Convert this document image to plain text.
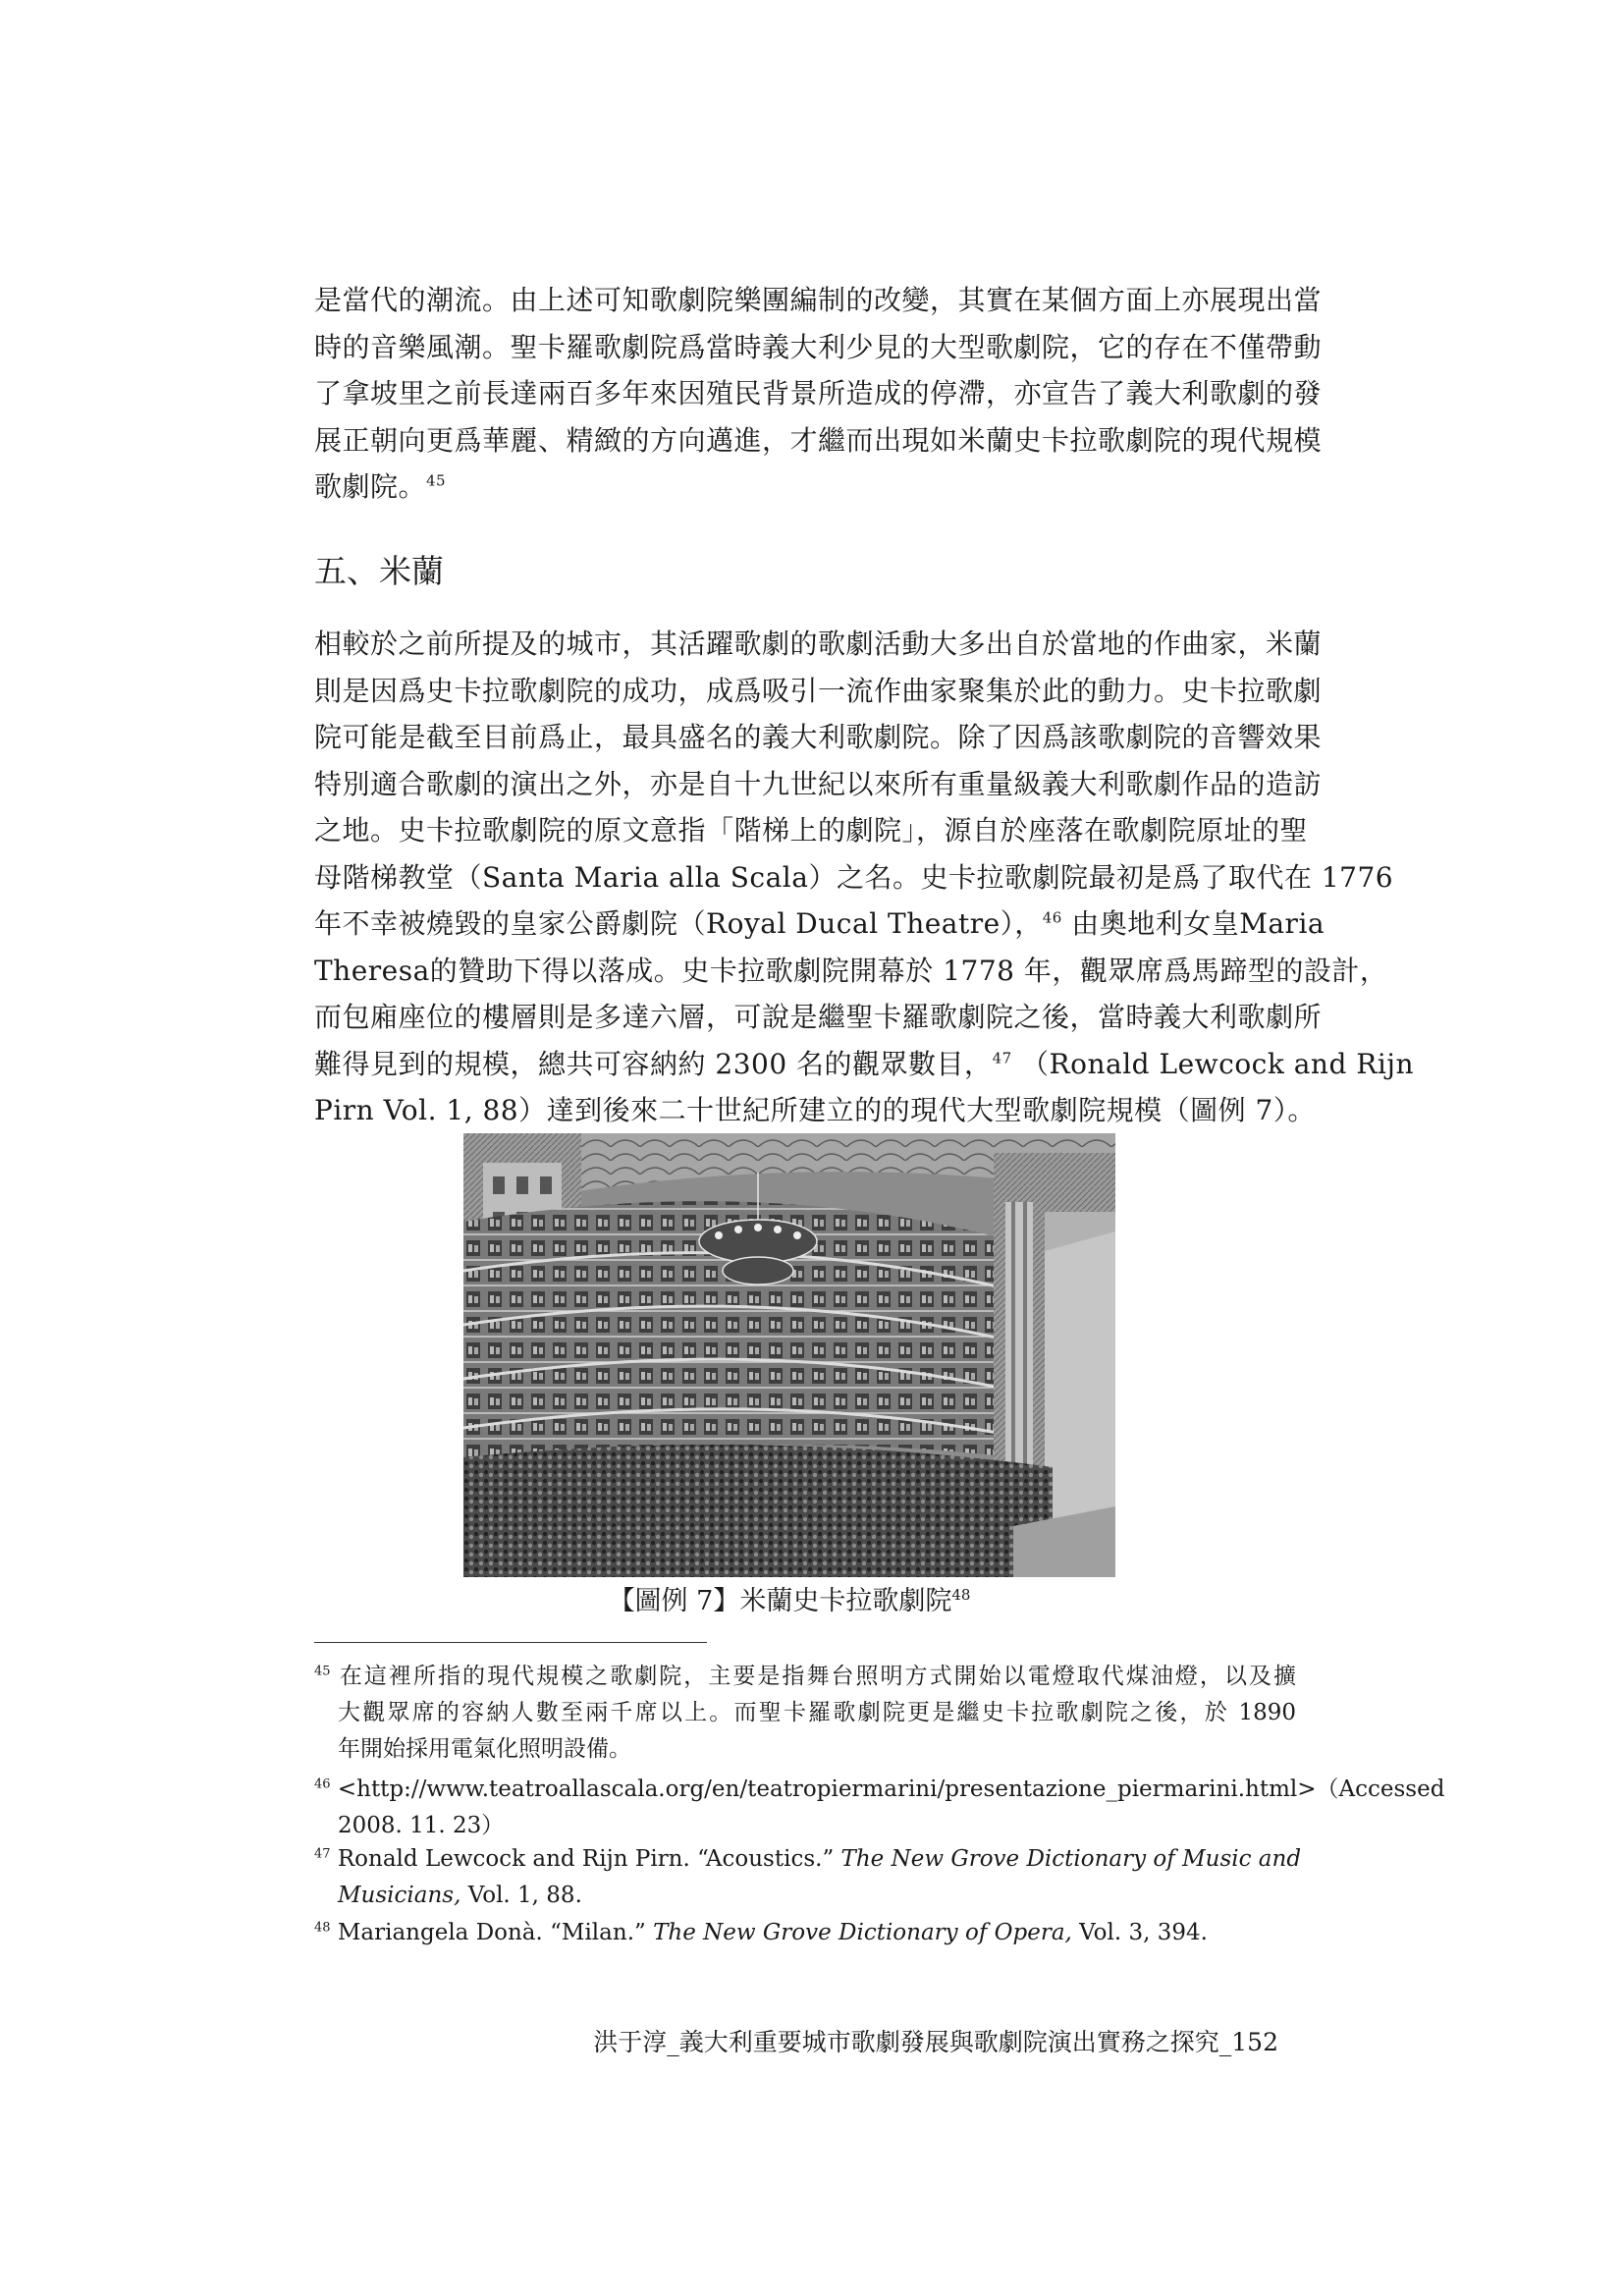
是當代的潮流。由上述可知歌劇院樂團編制的改變，其實在某個方面上亦展現出當
時的音樂風潮。聖卡羅歌劇院爲當時義大利少見的大型歌劇院，它的存在不僅帶動
了拿坡里之前長達兩百多年來因殖民背景所造成的停滯，亦宣告了義大利歌劇的發
展正朝向更爲華麗、精緻的方向邁進，才繼而出現如米蘭史卡拉歌劇院的現代規模
歌劇院。$^{45}$

五、米蘭

相較於之前所提及的城市，其活躍歌劇的歌劇活動大多出自於當地的作曲家，米蘭
則是因爲史卡拉歌劇院的成功，成爲吸引一流作曲家聚集於此的動力。史卡拉歌劇
院可能是截至目前爲止，最具盛名的義大利歌劇院。除了因爲該歌劇院的音響效果
特別適合歌劇的演出之外，亦是自十九世紀以來所有重量級義大利歌劇作品的造訪
之地。史卡拉歌劇院的原文意指「階梯上的劇院」，源自於座落在歌劇院原址的聖
母階梯教堂（Santa Maria alla Scala）之名。史卡拉歌劇院最初是爲了取代在 1776
年不幸被燒毀的皇家公爵劇院（Royal Ducal Theatre），$^{46}$ 由奧地利女皇Maria
Theresa的贊助下得以落成。史卡拉歌劇院開幕於 1778 年，觀眾席爲馬蹄型的設計，
而包廂座位的樓層則是多達六層，可說是繼聖卡羅歌劇院之後，當時義大利歌劇所
難得見到的規模，總共可容納約 2300 名的觀眾數目，$^{47}$ （Ronald Lewcock and Rijn
Pirn Vol. 1, 88）達到後來二十世紀所建立的的現代大型歌劇院規模（圖例 7）。

【圖例 7】米蘭史卡拉歌劇院$^{48}$
$^{45}$ 在這裡所指的現代規模之歌劇院，主要是指舞台照明方式開始以電燈取代煤油燈，以及擴
大觀眾席的容納人數至兩千席以上。而聖卡羅歌劇院更是繼史卡拉歌劇院之後，於 1890
年開始採用電氣化照明設備。
$^{46}$ <http://www.teatroallascala.org/en/teatropiermarini/presentazione_piermarini.html>（Accessed
2008. 11. 23）
$^{47}$ Ronald Lewcock and Rijn Pirn. “Acoustics.” The New Grove Dictionary of Music and
Musicians, Vol. 1, 88.
$^{48}$ Mariangela Donà. “Milan.” The New Grove Dictionary of Opera, Vol. 3, 394.
洪于淳_義大利重要城市歌劇發展與歌劇院演出實務之探究_152
